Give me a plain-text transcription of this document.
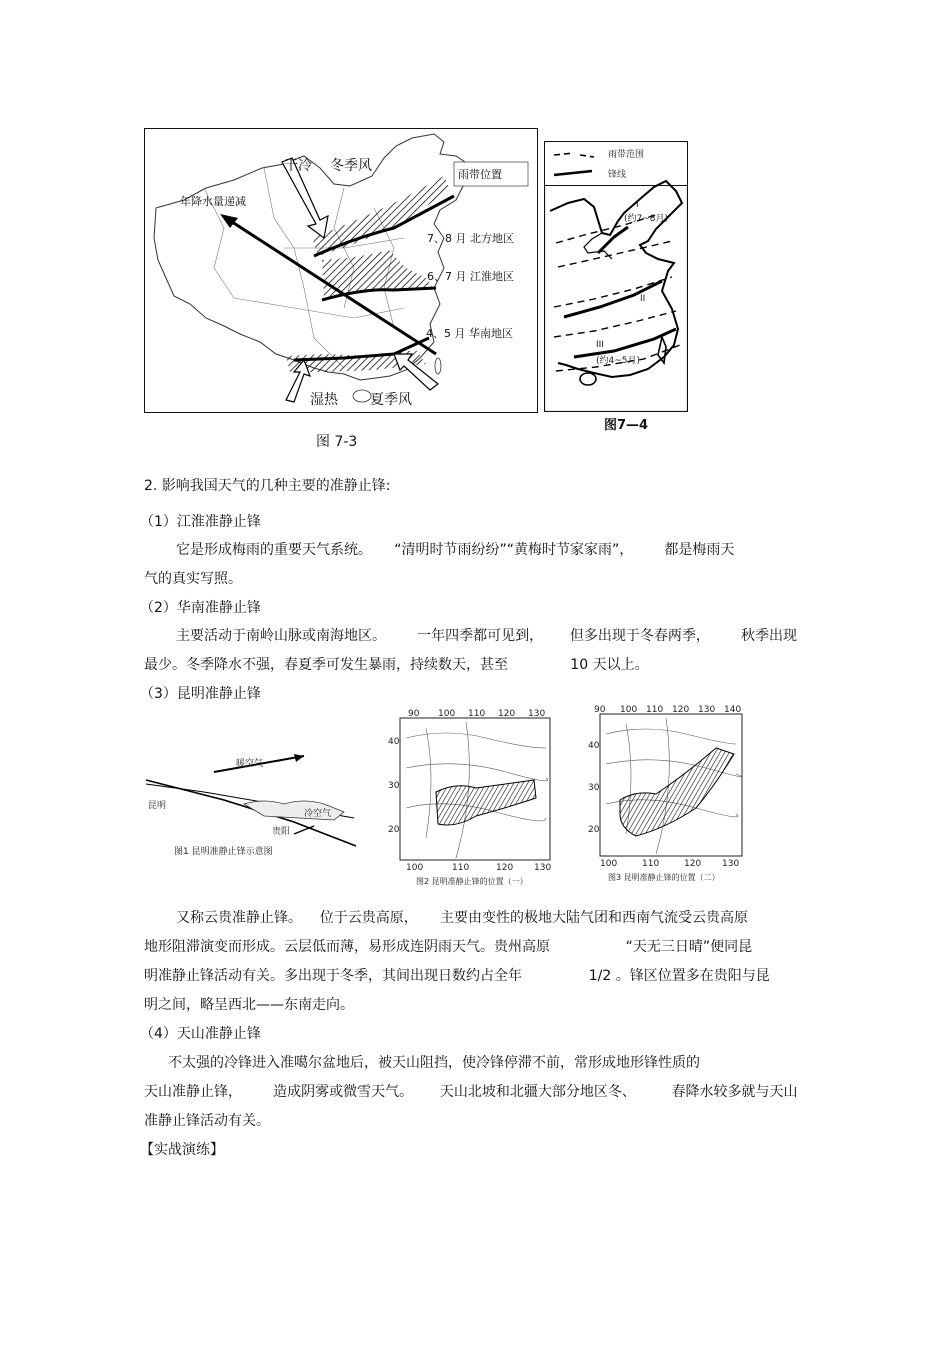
雨带位置
干冷 冬季风
年降水量递减
7、8 月 北方地区
6、7 月 江淮地区
4、5 月 华南地区
湿热 夏季风
图 7-3
雨带范围
锋线
I
(约7~8月)
II
III
(约4~5月)
图7—4
2. 影响我国天气的几种主要的准静止锋:
（1）江淮准静止锋
它是形成梅雨的重要天气系统。     “清明时节雨纷纷”“黄梅时节家家雨”，       都是梅雨天
气的真实写照。
（2）华南准静止锋
主要活动于南岭山脉或南海地区。       一年四季都可见到，      但多出现于冬春两季，       秋季出现
最少。冬季降水不强，春夏季可发生暴雨，持续数天，甚至              10 天以上。
（3）昆明准静止锋
暖空气
昆明
冷空气
贵阳
图1 昆明准静止锋示意图
90 100 110 120 130
40
30
20
100	110	120 130
图2 昆明准静止锋的位置（一）
90 100 110 120 130 140
40
30
20
100	110	120 130
图3 昆明准静止锋的位置（二）
又称云贵准静止锋。    位于云贵高原，     主要由变性的极地大陆气团和西南气流受云贵高原
地形阻滞演变而形成。云层低而薄，易形成连阴雨天气。贵州高原                 “天无三日晴”便同昆
明准静止锋活动有关。多出现于冬季，其间出现日数约占全年               1/2 。锋区位置多在贵阳与昆
明之间，略呈西北——东南走向。
（4）天山准静止锋
不太强的冷锋进入准噶尔盆地后，被天山阻挡，使冷锋停滞不前，常形成地形锋性质的
天山准静止锋，       造成阴雾或微雪天气。      天山北坡和北疆大部分地区冬、        春降水较多就与天山
准静止锋活动有关。
【实战演练】
